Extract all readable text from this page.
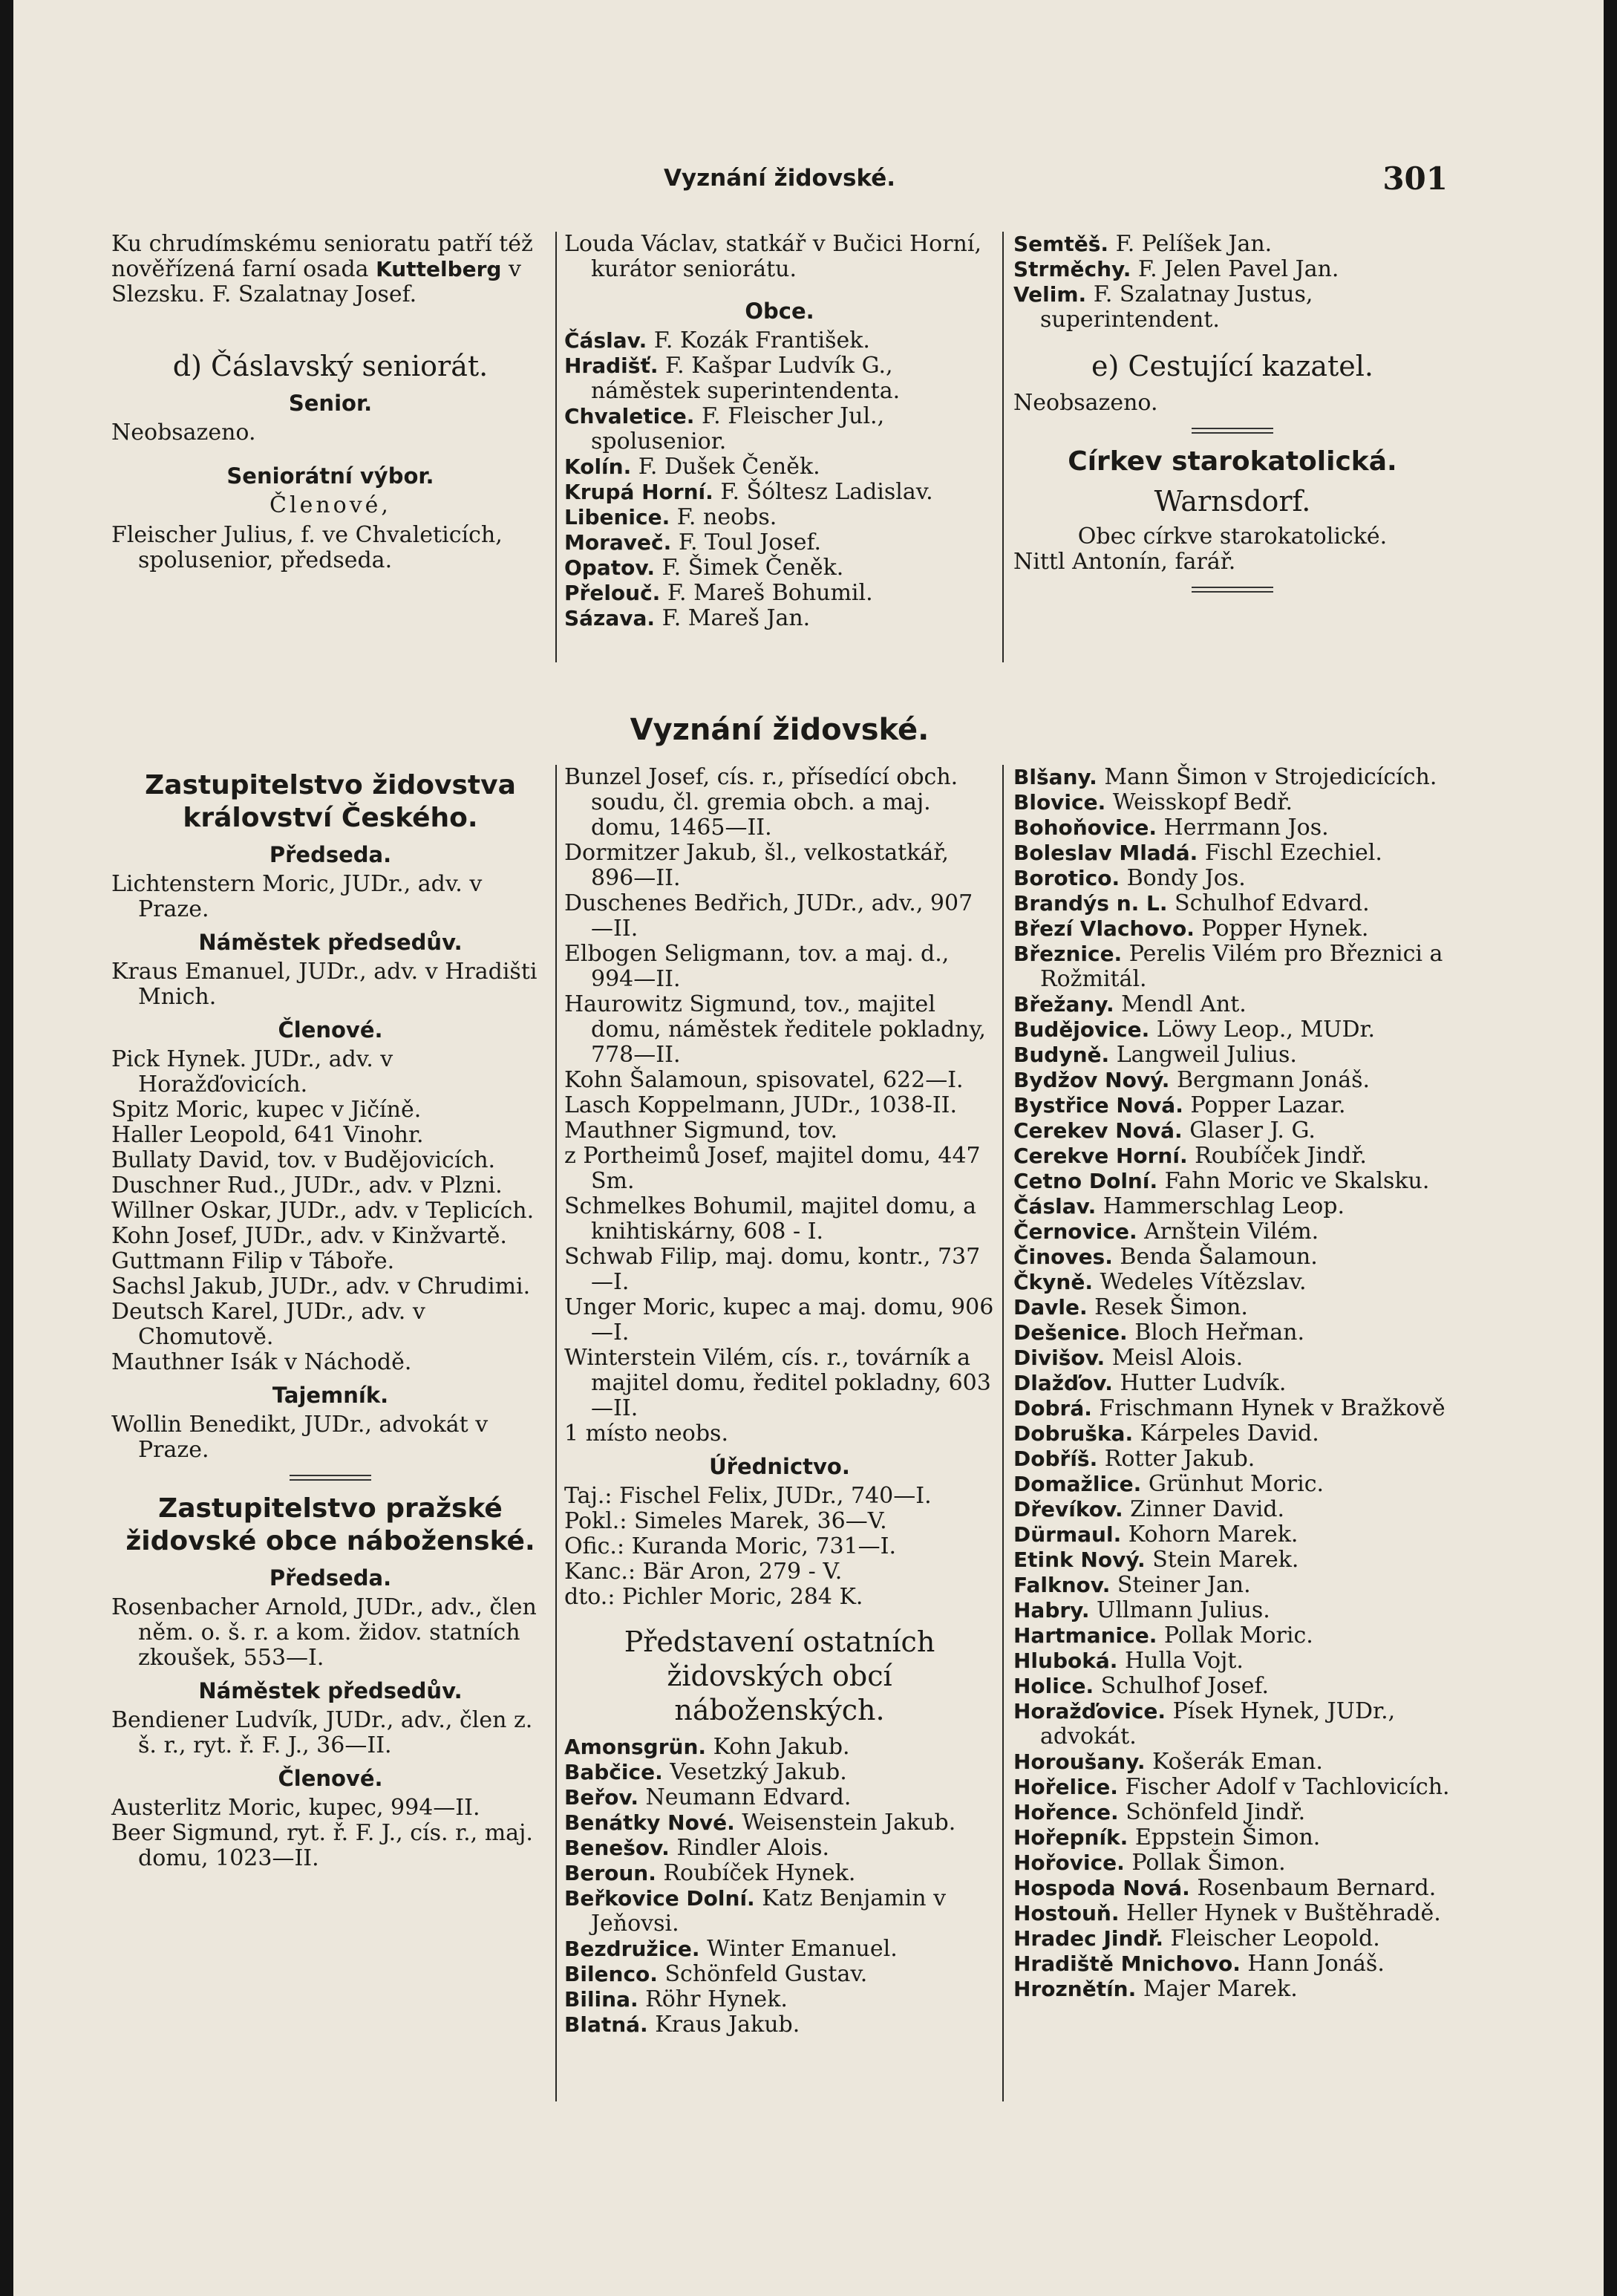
Vyznání židovské.	301

Ku chrudímskému senioratu patří též nověřízená farní osada Kuttelberg v Slezsku. F. Szalatnay Josef.

d) Čáslavský seniorát.
Senior.

Neobsazeno.

Seniorátní výbor.
Členové,

Fleischer Julius, f. ve Chvaleticích, spolusenior, předseda.

Louda Václav, statkář v Bučici Horní, kurátor seniorátu.

Obce.

Čáslav. F. Kozák František.

Hradišť. F. Kašpar Ludvík G., náměstek superintendenta.

Chvaletice. F. Fleischer Jul., spolusenior.

Kolín. F. Dušek Čeněk.

Krupá Horní. F. Šóltesz Ladislav.

Libenice. F. neobs.

Moraveč. F. Toul Josef.

Opatov. F. Šimek Čeněk.

Přelouč. F. Mareš Bohumil.

Sázava. F. Mareš Jan.

Semtěš. F. Pelíšek Jan.

Strměchy. F. Jelen Pavel Jan.

Velim. F. Szalatnay Justus, superintendent.

e) Cestující kazatel.

Neobsazeno.

Církev starokatolická.
Warnsdorf.

Obec církve starokatolické.

Nittl Antonín, farář.

Vyznání židovské.
Zastupitelstvo židovstva království Českého.
Předseda.

Lichtenstern Moric, JUDr., adv. v Praze.

Náměstek předsedův.

Kraus Emanuel, JUDr., adv. v Hradišti Mnich.

Členové.

Pick Hynek. JUDr., adv. v Horažďovicích.

Spitz Moric, kupec v Jičíně.

Haller Leopold, 641 Vinohr.

Bullaty David, tov. v Budějovicích.

Duschner Rud., JUDr., adv. v Plzni.

Willner Oskar, JUDr., adv. v Teplicích.

Kohn Josef, JUDr., adv. v Kinžvartě.

Guttmann Filip v Táboře.

Sachsl Jakub, JUDr., adv. v Chrudimi.

Deutsch Karel, JUDr., adv. v Chomutově.

Mauthner Isák v Náchodě.

Tajemník.

Wollin Benedikt, JUDr., advokát v Praze.

Zastupitelstvo pražské židovské obce náboženské.
Předseda.

Rosenbacher Arnold, JUDr., adv., člen něm. o. š. r. a kom. židov. statních zkoušek, 553—I.

Náměstek předsedův.

Bendiener Ludvík, JUDr., adv., člen z. š. r., ryt. ř. F. J., 36—II.

Členové.

Austerlitz Moric, kupec, 994—II.

Beer Sigmund, ryt. ř. F. J., cís. r., maj. domu, 1023—II.

Bunzel Josef, cís. r., přísedící obch. soudu, čl. gremia obch. a maj. domu, 1465—II.

Dormitzer Jakub, šl., velkostatkář, 896—II.

Duschenes Bedřich, JUDr., adv., 907—II.

Elbogen Seligmann, tov. a maj. d., 994—II.

Haurowitz Sigmund, tov., majitel domu, náměstek ředitele pokladny, 778—II.

Kohn Šalamoun, spisovatel, 622—I.

Lasch Koppelmann, JUDr., 1038-II.

Mauthner Sigmund, tov.

z Portheimů Josef, majitel domu, 447 Sm.

Schmelkes Bohumil, majitel domu, a knihtiskárny, 608 - I.

Schwab Filip, maj. domu, kontr., 737—I.

Unger Moric, kupec a maj. domu, 906—I.

Winterstein Vilém, cís. r., továrník a majitel domu, ředitel pokladny, 603—II.

1 místo neobs.

Úřednictvo.

Taj.: Fischel Felix, JUDr., 740—I.

Pokl.: Simeles Marek, 36—V.

Ofic.: Kuranda Moric, 731—I.

Kanc.: Bär Aron, 279 - V.

dto.: Pichler Moric, 284 K.

Představení ostatních židovských obcí náboženských.

Amonsgrün. Kohn Jakub.

Babčice. Vesetzký Jakub.

Beřov. Neumann Edvard.

Benátky Nové. Weisenstein Jakub.

Benešov. Rindler Alois.

Beroun. Roubíček Hynek.

Beřkovice Dolní. Katz Benjamin v Jeňovsi.

Bezdružice. Winter Emanuel.

Bilenco. Schönfeld Gustav.

Bilina. Röhr Hynek.

Blatná. Kraus Jakub.

Blšany. Mann Šimon v Strojedicících.

Blovice. Weisskopf Bedř.

Bohoňovice. Herrmann Jos.

Boleslav Mladá. Fischl Ezechiel.

Borotico. Bondy Jos.

Brandýs n. L. Schulhof Edvard.

Březí Vlachovo. Popper Hynek.

Březnice. Perelis Vilém pro Březnici a Rožmitál.

Břežany. Mendl Ant.

Budějovice. Löwy Leop., MUDr.

Budyně. Langweil Julius.

Bydžov Nový. Bergmann Jonáš.

Bystřice Nová. Popper Lazar.

Cerekev Nová. Glaser J. G.

Cerekve Horní. Roubíček Jindř.

Cetno Dolní. Fahn Moric ve Skalsku.

Čáslav. Hammerschlag Leop.

Černovice. Arnštein Vilém.

Činoves. Benda Šalamoun.

Čkyně. Wedeles Vítězslav.

Davle. Resek Šimon.

Dešenice. Bloch Heřman.

Divišov. Meisl Alois.

Dlažďov. Hutter Ludvík.

Dobrá. Frischmann Hynek v Bražkově

Dobruška. Kárpeles David.

Dobříš. Rotter Jakub.

Domažlice. Grünhut Moric.

Dřevíkov. Zinner David.

Dürmaul. Kohorn Marek.

Etink Nový. Stein Marek.

Falknov. Steiner Jan.

Habry. Ullmann Julius.

Hartmanice. Pollak Moric.

Hluboká. Hulla Vojt.

Holice. Schulhof Josef.

Horažďovice. Písek Hynek, JUDr., advokát.

Horoušany. Košerák Eman.

Hořelice. Fischer Adolf v Tachlovicích.

Hořence. Schönfeld Jindř.

Hořepník. Eppstein Šimon.

Hořovice. Pollak Šimon.

Hospoda Nová. Rosenbaum Bernard.

Hostouň. Heller Hynek v Buštěhradě.

Hradec Jindř. Fleischer Leopold.

Hradiště Mnichovo. Hann Jonáš.

Hroznětín. Majer Marek.
